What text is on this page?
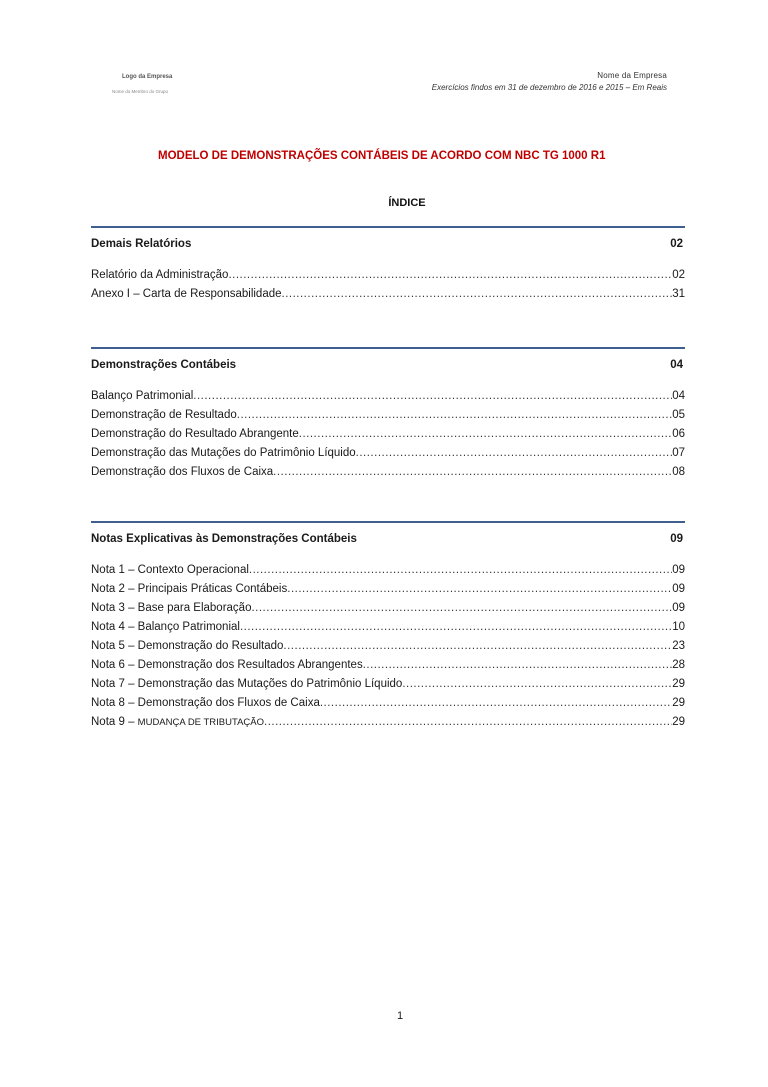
Logo da Empresa
Nome do Membro do Grupo
Nome da Empresa
Exercícios findos em 31 de dezembro de 2016 e 2015 – Em Reais
MODELO DE DEMONSTRAÇÕES CONTÁBEIS DE ACORDO COM NBC TG 1000 R1
ÍNDICE
Demais Relatórios	02
Relatório da Administração .....	02
Anexo I – Carta de Responsabilidade .....	31
Demonstrações Contábeis	04
Balanço Patrimonial .....	04
Demonstração de Resultado .....	05
Demonstração do Resultado Abrangente .....	06
Demonstração das Mutações do Patrimônio Líquido .....	07
Demonstração dos Fluxos de Caixa .....	08
Notas Explicativas às Demonstrações Contábeis	09
Nota 1 – Contexto Operacional .....	09
Nota 2 – Principais Práticas Contábeis .....	09
Nota 3 – Base para Elaboração .....	09
Nota 4 – Balanço Patrimonial .....	10
Nota 5 – Demonstração do Resultado .....	23
Nota 6 – Demonstração dos Resultados Abrangentes .....	28
Nota 7 – Demonstração das Mutações do Patrimônio Líquido .....	29
Nota 8 – Demonstração dos Fluxos de Caixa .....	29
Nota 9 – MUDANÇA DE TRIBUTAÇÃO .....	29
1
